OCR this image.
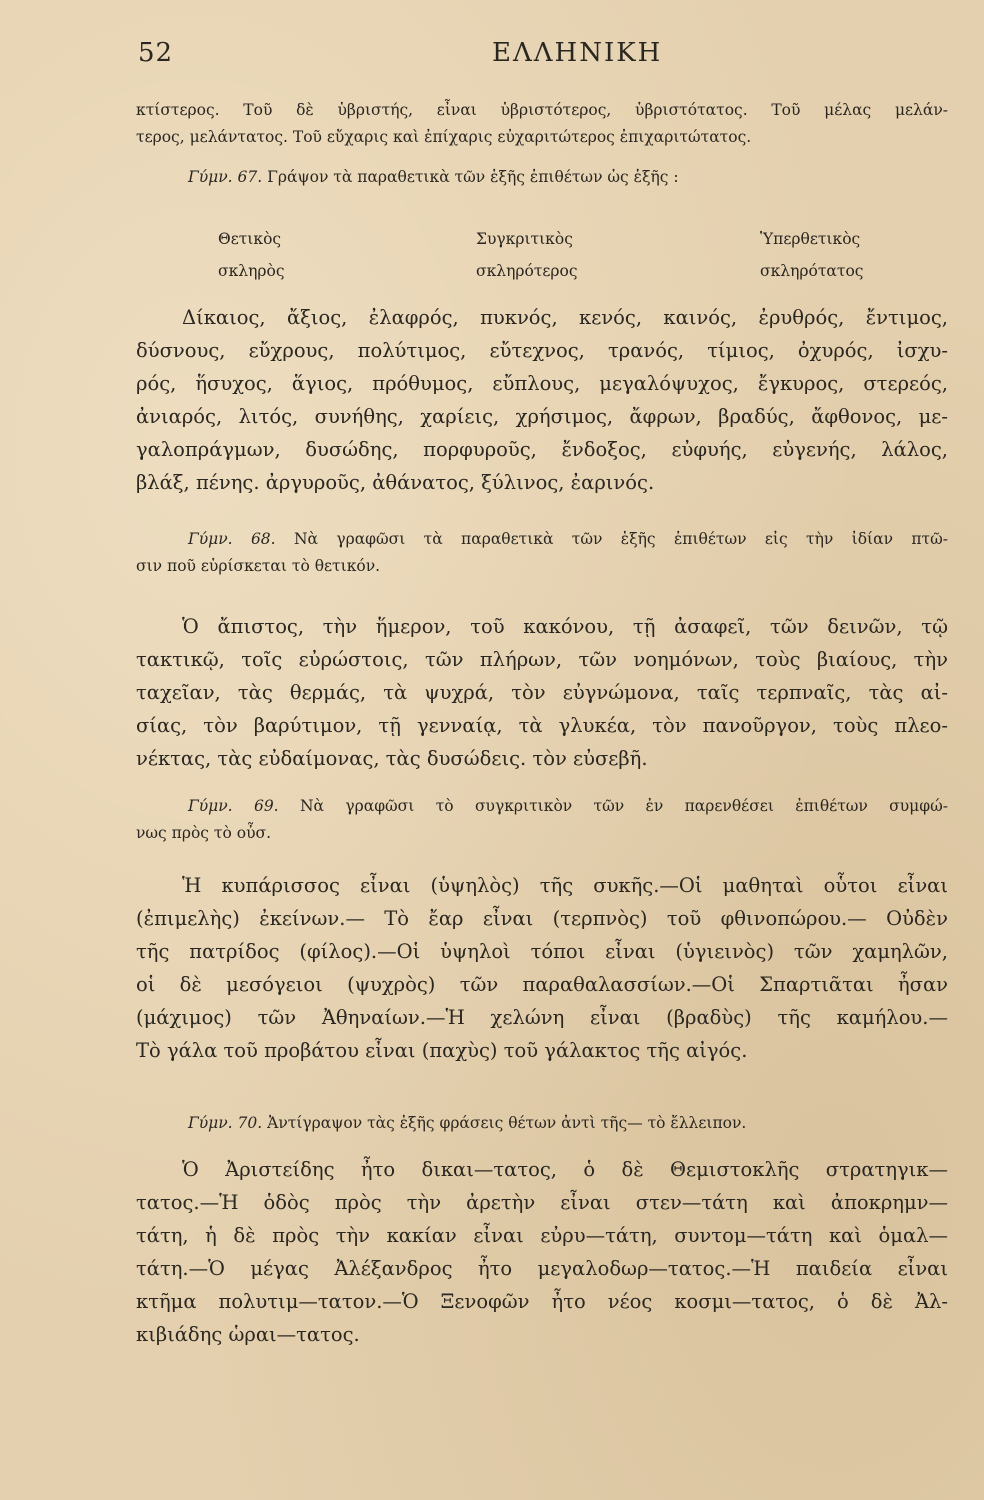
52	ΕΛΛΗΝΙΚΗ
κτίστερος. Τοῦ δὲ ὑβριστής, εἶναι ὑβριστότερος, ὑβριστότατος. Τοῦ μέλας μελάν-
τερος, μελάντατος. Τοῦ εὔχαρις καὶ ἐπίχαρις εὐχαριτώτερος ἐπιχαριτώτατος.
Γύμν. 67. Γράψον τὰ παραθετικὰ τῶν ἑξῆς ἐπιθέτων ὡς ἑξῆς :
Θετικὸς	Συγκριτικὸς	Ὑπερθετικὸς
σκληρὸς	σκληρότερος	σκληρότατος
Δίκαιος, ἄξιος, ἐλαφρός, πυκνός, κενός, καινός, ἐρυθρός, ἔντιμος,
δύσνους, εὔχρους, πολύτιμος, εὔτεχνος, τρανός, τίμιος, ὀχυρός, ἰσχυ-
ρός, ἥσυχος, ἅγιος, πρόθυμος, εὔπλους, μεγαλόψυχος, ἔγκυρος, στερεός,
ἀνιαρός, λιτός, συνήθης, χαρίεις, χρήσιμος, ἄφρων, βραδύς, ἄφθονος, με-
γαλοπράγμων, δυσώδης, πορφυροῦς, ἔνδοξος, εὐφυής, εὐγενής, λάλος,
βλάξ, πένης. ἀργυροῦς, ἀθάνατος, ξύλινος, ἐαρινός.
Γύμν. 68. Νὰ γραφῶσι τὰ παραθετικὰ τῶν ἑξῆς ἐπιθέτων εἰς τὴν ἰδίαν πτῶ-
σιν ποῦ εὑρίσκεται τὸ θετικόν.
Ὁ ἄπιστος, τὴν ἥμερον, τοῦ κακόνου, τῇ ἀσαφεῖ, τῶν δεινῶν, τῷ
τακτικῷ, τοῖς εὐρώστοις, τῶν πλήρων, τῶν νοημόνων, τοὺς βιαίους, τὴν
ταχεῖαν, τὰς θερμάς, τὰ ψυχρά, τὸν εὐγνώμονα, ταῖς τερπναῖς, τὰς αἰ-
σίας, τὸν βαρύτιμον, τῇ γενναίᾳ, τὰ γλυκέα, τὸν πανοῦργον, τοὺς πλεο-
νέκτας, τὰς εὐδαίμονας, τὰς δυσώδεις. τὸν εὐσεβῆ.
Γύμν. 69. Νὰ γραφῶσι τὸ συγκριτικὸν τῶν ἐν παρενθέσει ἐπιθέτων συμφώ-
νως πρὸς τὸ οὖσ.
Ἡ κυπάρισσος εἶναι (ὑψηλὸς) τῆς συκῆς.—Οἱ μαθηταὶ οὗτοι εἶναι
(ἐπιμελὴς) ἐκείνων.— Τὸ ἔαρ εἶναι (τερπνὸς) τοῦ φθινοπώρου.— Οὐδὲν
τῆς πατρίδος (φίλος).—Οἱ ὑψηλοὶ τόποι εἶναι (ὑγιεινὸς) τῶν χαμηλῶν,
οἱ δὲ μεσόγειοι (ψυχρὸς) τῶν παραθαλασσίων.—Οἱ Σπαρτιᾶται ἦσαν
(μάχιμος) τῶν Ἀθηναίων.—Ἡ χελώνη εἶναι (βραδὺς) τῆς καμήλου.—
Τὸ γάλα τοῦ προβάτου εἶναι (παχὺς) τοῦ γάλακτος τῆς αἰγός.
Γύμν. 70. Ἀντίγραψον τὰς ἑξῆς φράσεις θέτων ἀντὶ τῆς— τὸ ἔλλειπον.
Ὁ Ἀριστείδης ἦτο δικαι—τατος, ὁ δὲ Θεμιστοκλῆς στρατηγικ—
τατος.—Ἡ ὁδὸς πρὸς τὴν ἀρετὴν εἶναι στεν—τάτη καὶ ἀποκρημν—
τάτη, ἡ δὲ πρὸς τὴν κακίαν εἶναι εὐρυ—τάτη, συντομ—τάτη καὶ ὁμαλ—
τάτη.—Ὁ μέγας Ἀλέξανδρος ἦτο μεγαλοδωρ—τατος.—Ἡ παιδεία εἶναι
κτῆμα πολυτιμ—τατον.—Ὁ Ξενοφῶν ἦτο νέος κοσμι—τατος, ὁ δὲ Ἀλ-
κιβιάδης ὡραι—τατος.
